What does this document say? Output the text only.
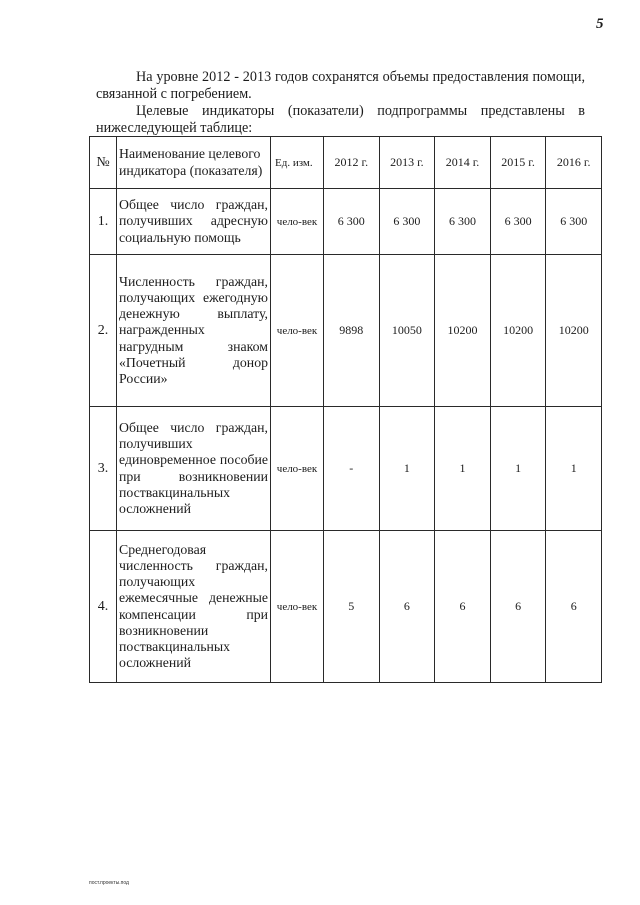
5
На уровне 2012 - 2013 годов сохранятся объемы предоставления помощи, связанной с погребением.
Целевые индикаторы (показатели) подпрограммы представлены в нижеследующей таблице:
№	Наименование целевого индикатора (показателя)	Ед. изм.	2012 г.	2013 г.	2014 г.	2015 г.	2016 г.
1.	Общее число граждан, получивших адресную социальную помощь	чело-век	6 300	6 300	6 300	6 300	6 300
2.	Численность граждан, получающих ежегодную денежную выплату, награжденных нагрудным знаком «Почетный донор России»	чело-век	9898	10050	10200	10200	10200
3.	Общее число граждан, получивших единовременное пособие при возникновении поствакцинальных осложнений	чело-век	-	1	1	1	1
4.	Среднегодовая численность граждан, получающих ежемесячные денежные компенсации при возникновении поствакцинальных осложнений	чело-век	5	6	6	6	6
пост.проекты.под
